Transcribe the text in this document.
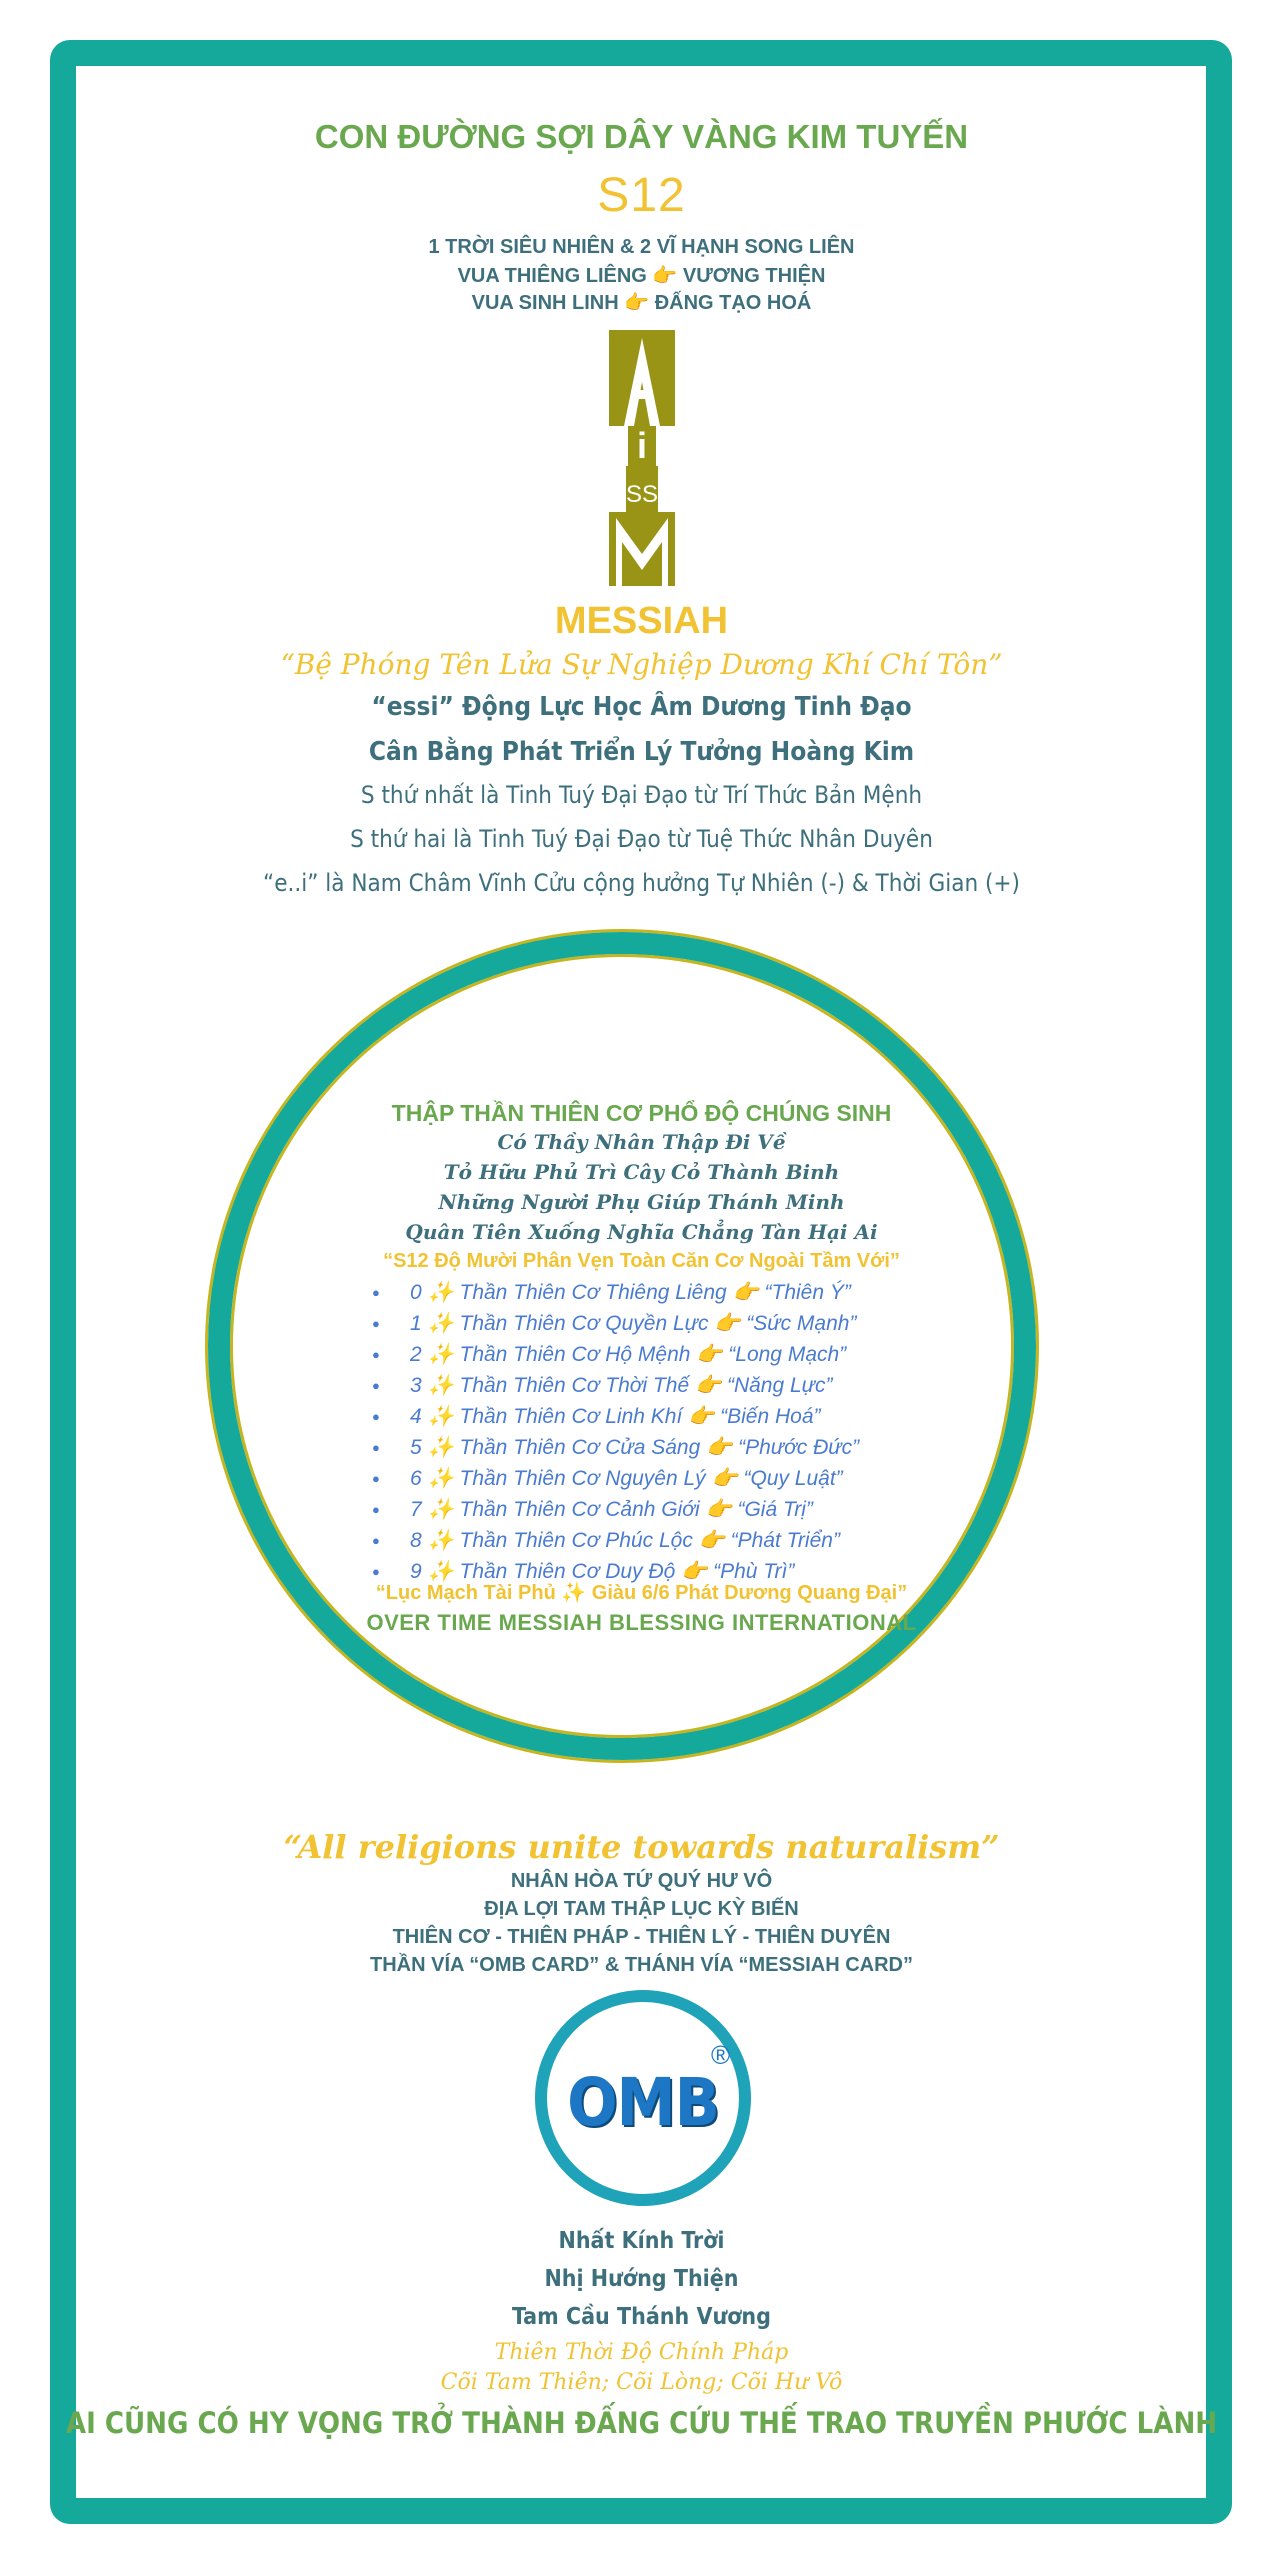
CON ĐƯỜNG SỢI DÂY VÀNG KIM TUYẾN
S12
1 TRỜI SIÊU NHIÊN & 2 VĨ HẠNH SONG LIÊN
VUA THIÊNG LIÊNG 👉 VƯƠNG THIỆN
VUA SINH LINH 👉 ĐẤNG TẠO HOÁ
i
S S
MESSIAH
“Bệ Phóng Tên Lửa Sự Nghiệp Dương Khí Chí Tôn”
“essi” Động Lực Học Âm Dương Tinh Đạo
Cân Bằng Phát Triển Lý Tưởng Hoàng Kim
S thứ nhất là Tinh Tuý Đại Đạo từ Trí Thức Bản Mệnh
S thứ hai là Tinh Tuý Đại Đạo từ Tuệ Thức Nhân Duyên
“e..i” là Nam Châm Vĩnh Cửu cộng hưởng Tự Nhiên (-) & Thời Gian (+)
THẬP THẦN THIÊN CƠ PHỔ ĐỘ CHÚNG SINH
Có Thầy Nhân Thập Đi Về
Tỏ Hữu Phủ Trì Cây Cỏ Thành Binh
Những Người Phụ Giúp Thánh Minh
Quân Tiên Xuống Nghĩa Chẳng Tàn Hại Ai
“S12 Độ Mười Phân Vẹn Toàn Căn Cơ Ngoài Tầm Với”
● 0 ✨ Thần Thiên Cơ Thiêng Liêng 👉 “Thiên Ý”
● 1 ✨ Thần Thiên Cơ Quyền Lực 👉 “Sức Mạnh”
● 2 ✨ Thần Thiên Cơ Hộ Mệnh 👉 “Long Mạch”
● 3 ✨ Thần Thiên Cơ Thời Thế 👉 “Năng Lực”
● 4 ✨ Thần Thiên Cơ Linh Khí 👉 “Biến Hoá”
● 5 ✨ Thần Thiên Cơ Cửa Sáng 👉 “Phước Đức”
● 6 ✨ Thần Thiên Cơ Nguyên Lý 👉 “Quy Luật”
● 7 ✨ Thần Thiên Cơ Cảnh Giới 👉 “Giá Trị”
● 8 ✨ Thần Thiên Cơ Phúc Lộc 👉 “Phát Triển”
● 9 ✨ Thần Thiên Cơ Duy Độ 👉 “Phù Trì”
“Lục Mạch Tài Phủ ✨ Giàu 6/6 Phát Dương Quang Đại”
OVER TIME MESSIAH BLESSING INTERNATIONAL
“All religions unite towards naturalism”
NHÂN HÒA TỨ QUÝ HƯ VÔ
ĐỊA LỢI TAM THẬP LỤC KỲ BIẾN
THIÊN CƠ - THIÊN PHÁP - THIÊN LÝ - THIÊN DUYÊN
THẦN VÍA “OMB CARD” & THÁNH VÍA “MESSIAH CARD”
OMB
®
Nhất Kính Trời
Nhị Hướng Thiện
Tam Cầu Thánh Vương
Thiên Thời Độ Chính Pháp
Cõi Tam Thiên; Cõi Lòng; Cõi Hư Vô
AI CŨNG CÓ HY VỌNG TRỞ THÀNH ĐẤNG CỨU THẾ TRAO TRUYỀN PHƯỚC LÀNH
